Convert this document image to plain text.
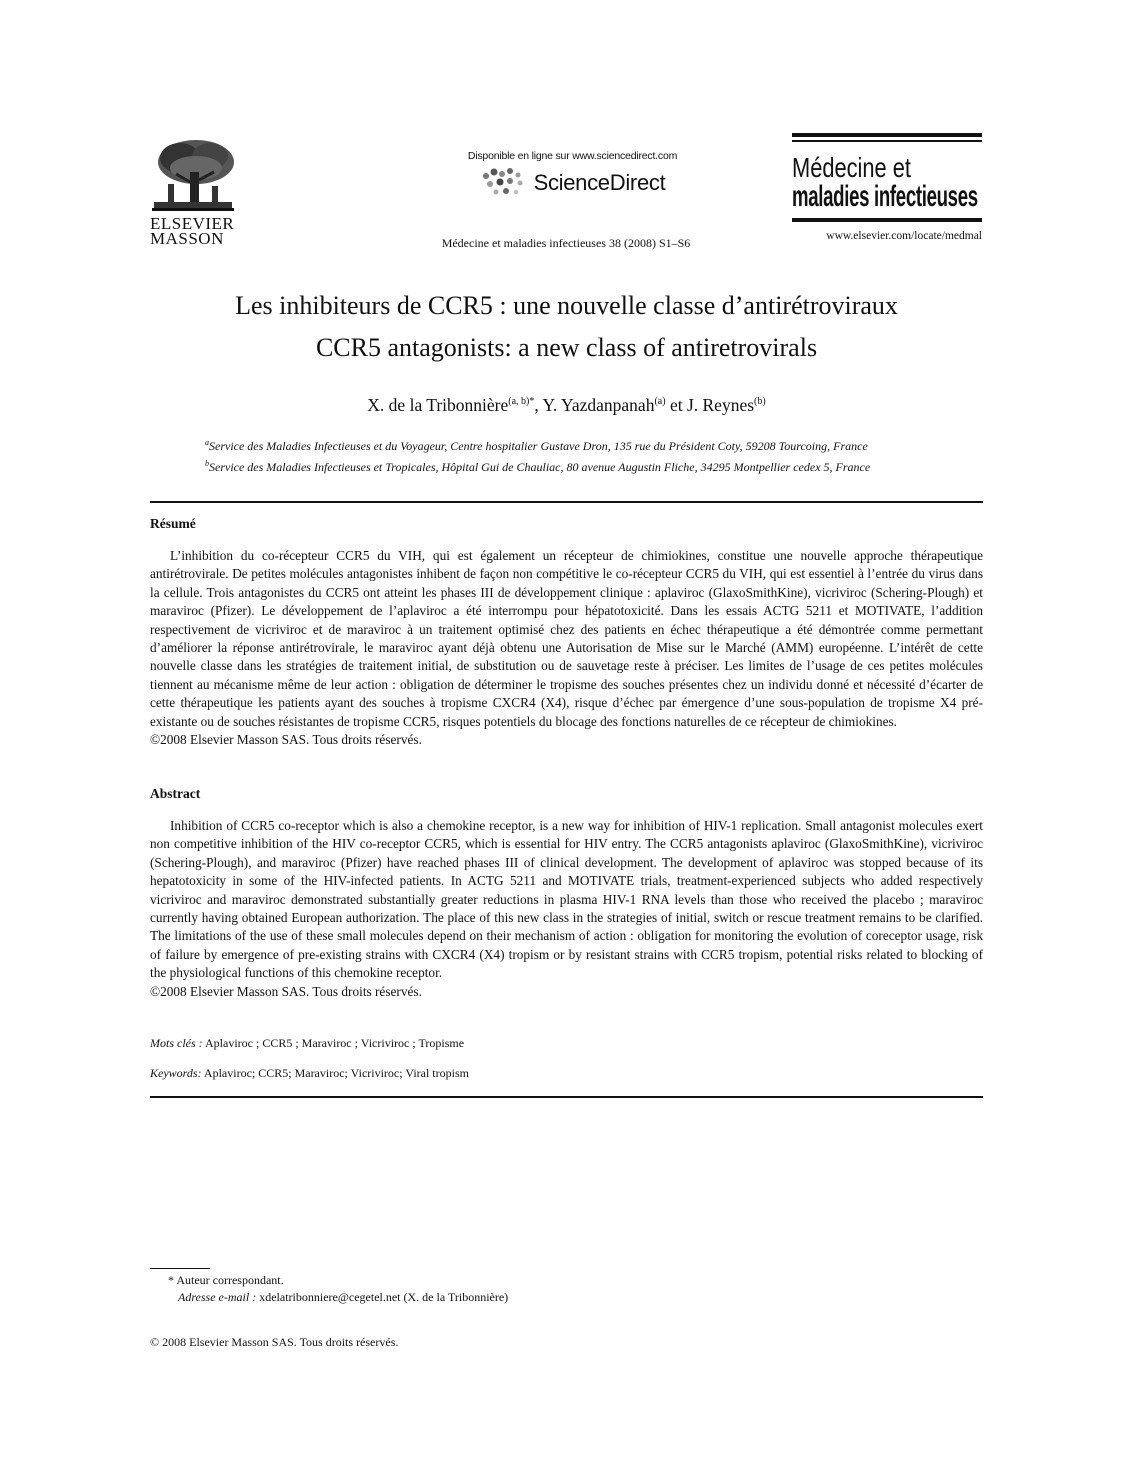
ELSEVIER
MASSON
Disponible en ligne sur www.sciencedirect.com
ScienceDirect
Médecine et maladies infectieuses 38 (2008) S1–S6
Médecine et
maladies infectieuses
www.elsevier.com/locate/medmal
Les inhibiteurs de CCR5 : une nouvelle classe d’antirétroviraux
CCR5 antagonists: a new class of antiretrovirals
X. de la Tribonnière$^{(a, b)*}$, Y. Yazdanpanah$^{(a)}$ et J. Reynes$^{(b)}$
$^a$Service des Maladies Infectieuses et du Voyageur, Centre hospitalier Gustave Dron, 135 rue du Président Coty, 59208 Tourcoing, France
$^b$Service des Maladies Infectieuses et Tropicales, Hôpital Gui de Chauliac, 80 avenue Augustin Fliche, 34295 Montpellier cedex 5, France
Résumé
L’inhibition du co-récepteur CCR5 du VIH, qui est également un récepteur de chimiokines, constitue une nouvelle approche thérapeutique antirétrovirale. De petites molécules antagonistes inhibent de façon non compétitive le co-récepteur CCR5 du VIH, qui est essentiel à l’entrée du virus dans la cellule. Trois antagonistes du CCR5 ont atteint les phases III de développement clinique : aplaviroc (GlaxoSmithKine), vicriviroc (Schering-Plough) et maraviroc (Pfizer). Le développement de l’aplaviroc a été interrompu pour hépatotoxicité. Dans les essais ACTG 5211 et MOTIVATE, l’addition respectivement de vicriviroc et de maraviroc à un traitement optimisé chez des patients en échec thérapeutique a été démontrée comme permettant d’améliorer la réponse antirétrovirale, le maraviroc ayant déjà obtenu une Autorisation de Mise sur le Marché (AMM) européenne. L’intérêt de cette nouvelle classe dans les stratégies de traitement initial, de substitution ou de sauvetage reste à préciser. Les limites de l’usage de ces petites molécules tiennent au mécanisme même de leur action : obligation de déterminer le tropisme des souches présentes chez un individu donné et nécessité d’écarter de cette thérapeutique les patients ayant des souches à tropisme CXCR4 (X4), risque d’échec par émergence d’une sous-population de tropisme X4 pré-existante ou de souches résistantes de tropisme CCR5, risques potentiels du blocage des fonctions naturelles de ce récepteur de chimiokines.
©2008 Elsevier Masson SAS. Tous droits réservés.
Abstract
Inhibition of CCR5 co-receptor which is also a chemokine receptor, is a new way for inhibition of HIV-1 replication. Small antagonist molecules exert non competitive inhibition of the HIV co-receptor CCR5, which is essential for HIV entry. The CCR5 antagonists aplaviroc (GlaxoSmithKine), vicriviroc (Schering-Plough), and maraviroc (Pfizer) have reached phases III of clinical development. The development of aplaviroc was stopped because of its hepatotoxicity in some of the HIV-infected patients. In ACTG 5211 and MOTIVATE trials, treatment-experienced subjects who added respectively vicriviroc and maraviroc demonstrated substantially greater reductions in plasma HIV-1 RNA levels than those who received the placebo ; maraviroc currently having obtained European authorization. The place of this new class in the strategies of initial, switch or rescue treatment remains to be clarified. The limitations of the use of these small molecules depend on their mechanism of action : obligation for monitoring the evolution of coreceptor usage, risk of failure by emergence of pre-existing strains with CXCR4 (X4) tropism or by resistant strains with CCR5 tropism, potential risks related to blocking of the physiological functions of this chemokine receptor.
©2008 Elsevier Masson SAS. Tous droits réservés.
Mots clés : Aplaviroc ; CCR5 ; Maraviroc ; Vicriviroc ; Tropisme
Keywords: Aplaviroc; CCR5; Maraviroc; Vicriviroc; Viral tropism
* Auteur correspondant.
Adresse e-mail : xdelatribonniere@cegetel.net (X. de la Tribonnière)
© 2008 Elsevier Masson SAS. Tous droits réservés.
